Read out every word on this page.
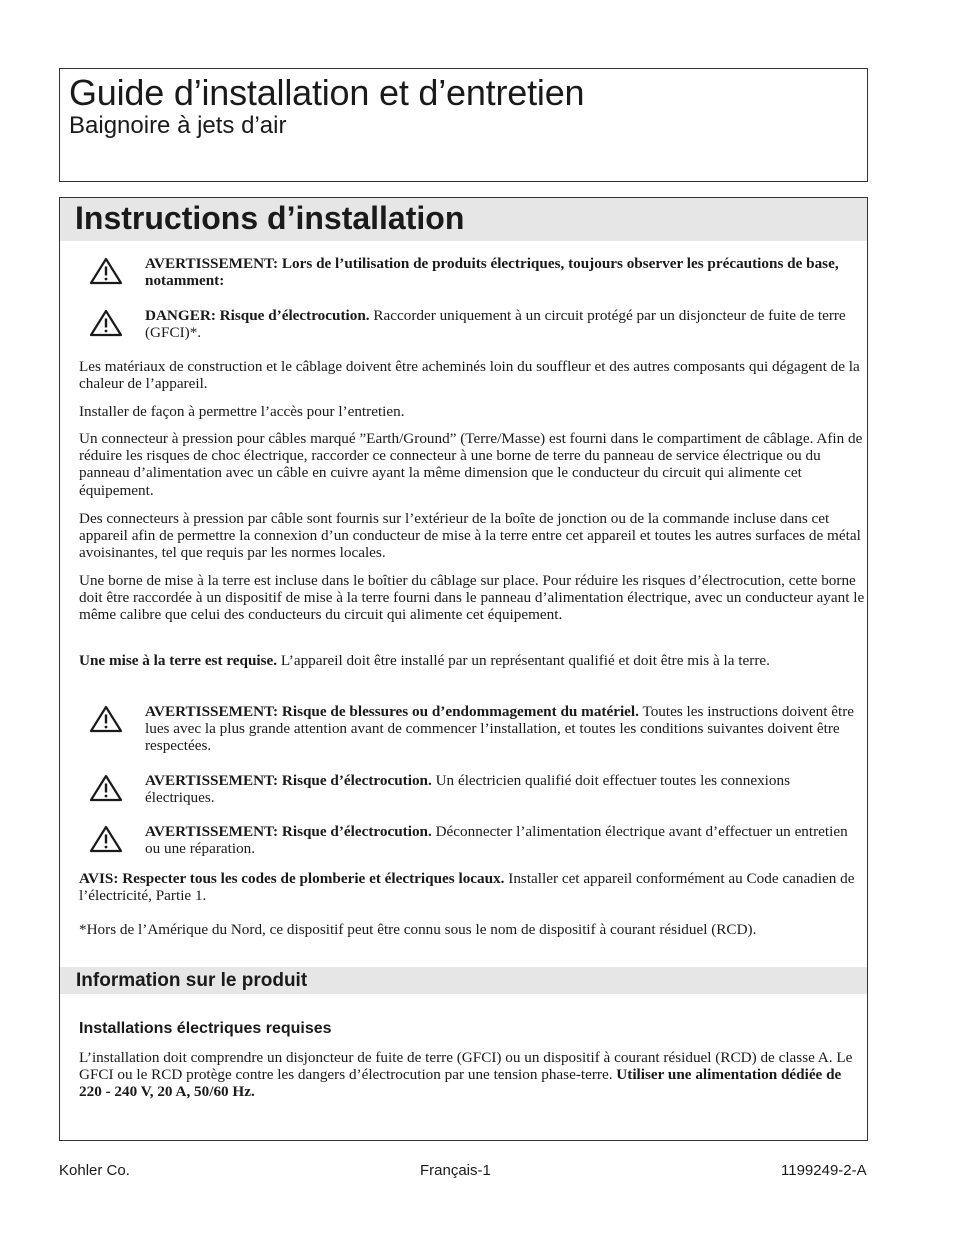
Guide d’installation et d’entretien
Baignoire à jets d’air
Instructions d’installation

AVERTISSEMENT: Lors de l’utilisation de produits électriques, toujours observer les précautions de base, notamment:

DANGER: Risque d’électrocution. Raccorder uniquement à un circuit protégé par un disjoncteur de fuite de terre (GFCI)*.

Les matériaux de construction et le câblage doivent être acheminés loin du souffleur et des autres composants qui dégagent de la chaleur de l’appareil.

Installer de façon à permettre l’accès pour l’entretien.

Un connecteur à pression pour câbles marqué ”Earth/Ground” (Terre/Masse) est fourni dans le compartiment de câblage. Afin de réduire les risques de choc électrique, raccorder ce connecteur à une borne de terre du panneau de service électrique ou du panneau d’alimentation avec un câble en cuivre ayant la même dimension que le conducteur du circuit qui alimente cet équipement.

Des connecteurs à pression par câble sont fournis sur l’extérieur de la boîte de jonction ou de la commande incluse dans cet appareil afin de permettre la connexion d’un conducteur de mise à la terre entre cet appareil et toutes les autres surfaces de métal avoisinantes, tel que requis par les normes locales.

Une borne de mise à la terre est incluse dans le boîtier du câblage sur place. Pour réduire les risques d’électrocution, cette borne doit être raccordée à un dispositif de mise à la terre fourni dans le panneau d’alimentation électrique, avec un conducteur ayant le même calibre que celui des conducteurs du circuit qui alimente cet équipement.

Une mise à la terre est requise. L’appareil doit être installé par un représentant qualifié et doit être mis à la terre.

AVERTISSEMENT: Risque de blessures ou d’endommagement du matériel. Toutes les instructions doivent être lues avec la plus grande attention avant de commencer l’installation, et toutes les conditions suivantes doivent être respectées.

AVERTISSEMENT: Risque d’électrocution. Un électricien qualifié doit effectuer toutes les connexions électriques.

AVERTISSEMENT: Risque d’électrocution. Déconnecter l’alimentation électrique avant d’effectuer un entretien ou une réparation.

AVIS: Respecter tous les codes de plomberie et électriques locaux. Installer cet appareil conformément au Code canadien de l’électricité, Partie 1.

*Hors de l’Amérique du Nord, ce dispositif peut être connu sous le nom de dispositif à courant résiduel (RCD).

Information sur le produit
Installations électriques requises

L’installation doit comprendre un disjoncteur de fuite de terre (GFCI) ou un dispositif à courant résiduel (RCD) de classe A. Le GFCI ou le RCD protège contre les dangers d’électrocution par une tension phase-terre. Utiliser une alimentation dédiée de 220 - 240 V, 20 A, 50/60 Hz.

Kohler Co.	Français-1	1199249-2-A
